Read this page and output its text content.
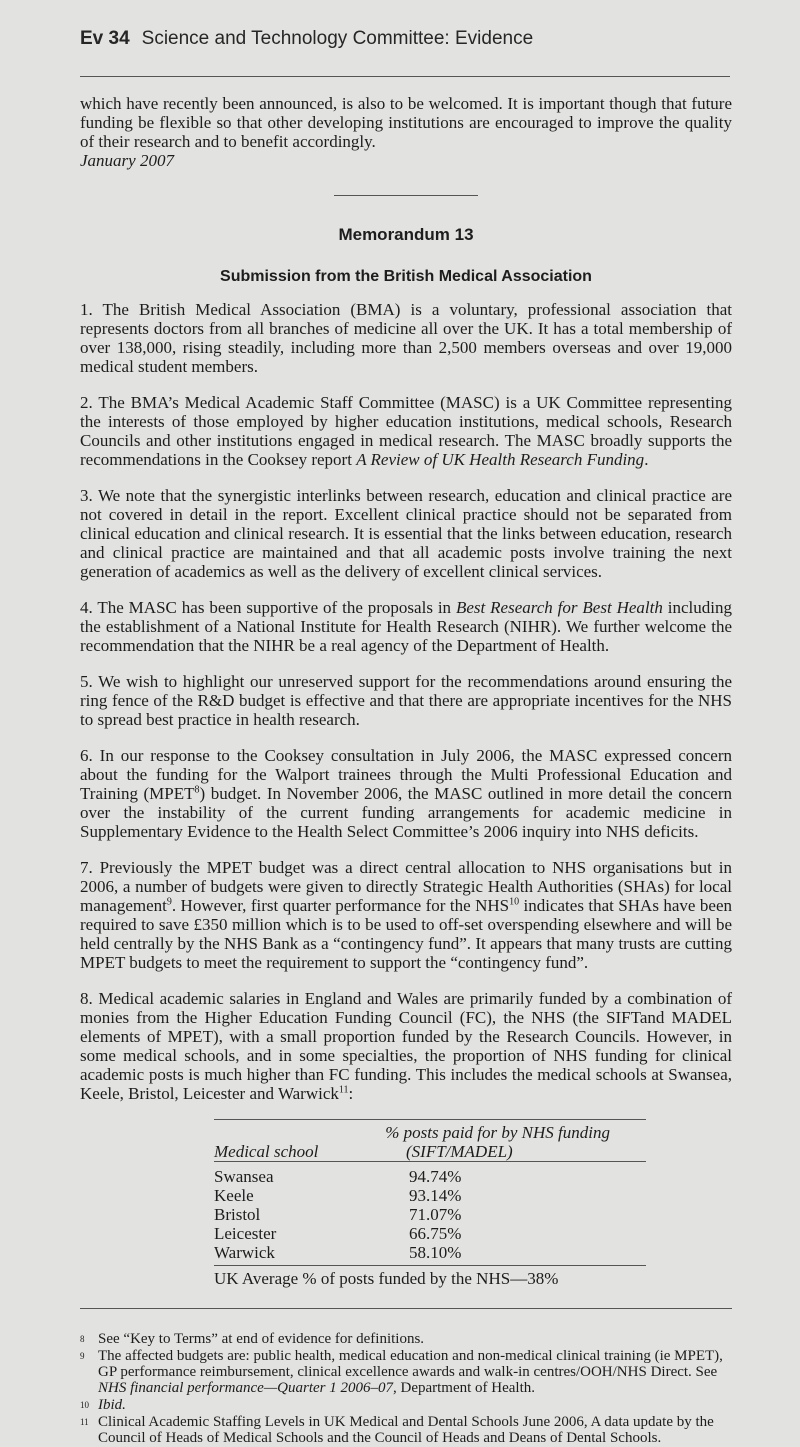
Ev 34 Science and Technology Committee: Evidence

which have recently been announced, is also to be welcomed. It is important though that future funding be flexible so that other developing institutions are encouraged to improve the quality of their research and to benefit accordingly.

January 2007

Memorandum 13
Submission from the British Medical Association

1. The British Medical Association (BMA) is a voluntary, professional association that represents doctors from all branches of medicine all over the UK. It has a total membership of over 138,000, rising steadily, including more than 2,500 members overseas and over 19,000 medical student members.

2. The BMA’s Medical Academic Staff Committee (MASC) is a UK Committee representing the interests of those employed by higher education institutions, medical schools, Research Councils and other institutions engaged in medical research. The MASC broadly supports the recommendations in the Cooksey report A Review of UK Health Research Funding.

3. We note that the synergistic interlinks between research, education and clinical practice are not covered in detail in the report. Excellent clinical practice should not be separated from clinical education and clinical research. It is essential that the links between education, research and clinical practice are maintained and that all academic posts involve training the next generation of academics as well as the delivery of excellent clinical services.

4. The MASC has been supportive of the proposals in Best Research for Best Health including the establishment of a National Institute for Health Research (NIHR). We further welcome the recommendation that the NIHR be a real agency of the Department of Health.

5. We wish to highlight our unreserved support for the recommendations around ensuring the ring fence of the R&D budget is effective and that there are appropriate incentives for the NHS to spread best practice in health research.

6. In our response to the Cooksey consultation in July 2006, the MASC expressed concern about the funding for the Walport trainees through the Multi Professional Education and Training (MPET$^8$) budget. In November 2006, the MASC outlined in more detail the concern over the instability of the current funding arrangements for academic medicine in Supplementary Evidence to the Health Select Committee’s 2006 inquiry into NHS deficits.

7. Previously the MPET budget was a direct central allocation to NHS organisations but in 2006, a number of budgets were given to directly Strategic Health Authorities (SHAs) for local management$^9$. However, first quarter performance for the NHS$^{10}$ indicates that SHAs have been required to save £350 million which is to be used to off-set overspending elsewhere and will be held centrally by the NHS Bank as a “contingency fund”. It appears that many trusts are cutting MPET budgets to meet the requirement to support the “contingency fund”.

8. Medical academic salaries in England and Wales are primarily funded by a combination of monies from the Higher Education Funding Council (FC), the NHS (the SIFTand MADEL elements of MPET), with a small proportion funded by the Research Councils. However, in some medical schools, and in some specialties, the proportion of NHS funding for clinical academic posts is much higher than FC funding. This includes the medical schools at Swansea, Keele, Bristol, Leicester and Warwick$^{11}$:

% posts paid for by NHS funding
Medical school	(SIFT/MADEL)
Swansea	94.74%
Keele	93.14%
Bristol	71.07%
Leicester	66.75%
Warwick	58.10%
UK Average % of posts funded by the NHS—38%
8 See “Key to Terms” at end of evidence for definitions.
9 The affected budgets are: public health, medical education and non-medical clinical training (ie MPET), GP performance reimbursement, clinical excellence awards and walk-in centres/OOH/NHS Direct. See NHS financial performance—Quarter 1 2006–07, Department of Health.
10 Ibid.
11 Clinical Academic Staffing Levels in UK Medical and Dental Schools June 2006, A data update by the Council of Heads of Medical Schools and the Council of Heads and Deans of Dental Schools.
